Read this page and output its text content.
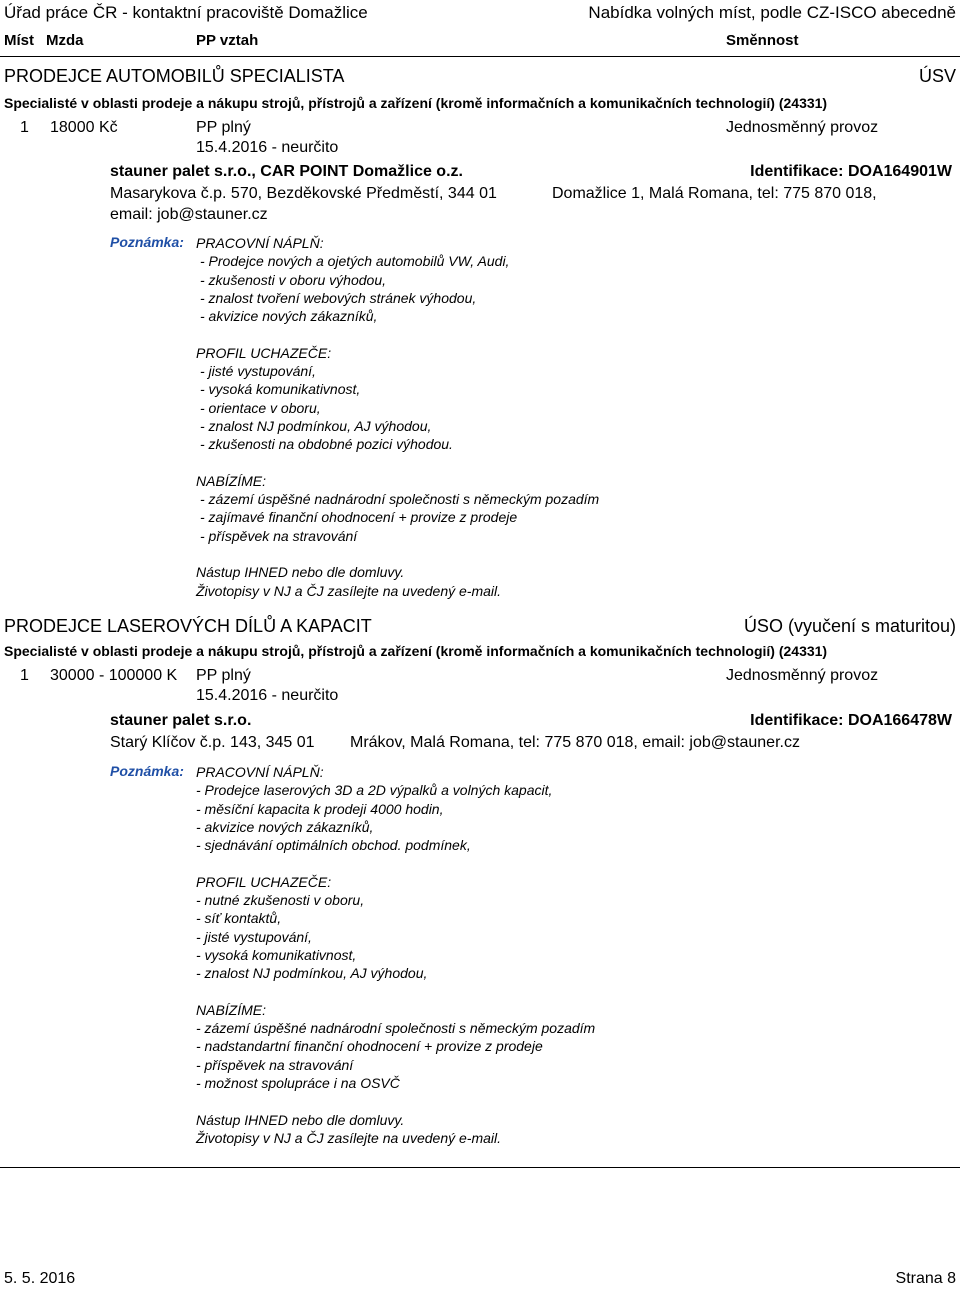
Úřad práce ČR - kontaktní pracoviště Domažlice	Nabídka volných míst, podle CZ-ISCO abecedně
Míst Mzda	PP vztah	Směnnost
PRODEJCE AUTOMOBILŮ SPECIALISTA	ÚSV
Specialisté v oblasti prodeje a nákupu strojů, přístrojů a zařízení (kromě informačních a komunikačních technologií) (24331)
1 18000 Kč	PP plný	Jednosměnný provoz
15.4.2016 - neurčito
stauner palet s.r.o., CAR POINT Domažlice o.z.	Identifikace: DOA164901W
Masarykova č.p. 570, Bezděkovské Předměstí, 344 01	Domažlice 1, Malá Romana, tel: 775 870 018,
email: job@stauner.cz
Poznámka: PRACOVNÍ NÁPLŇ:
- Prodejce nových a ojetých automobilů VW, Audi,
- zkušenosti v oboru výhodou,
- znalost tvoření webových stránek výhodou,
- akvizice nových zákazníků,
PROFIL UCHAZEČE:
- jisté vystupování,
- vysoká komunikativnost,
- orientace v oboru,
- znalost NJ podmínkou, AJ výhodou,
- zkušenosti na obdobné pozici výhodou.
NABÍZÍME:
- zázemí úspěšné nadnárodní společnosti s německým pozadím
- zajímavé finanční ohodnocení + provize z prodeje
- příspěvek na stravování
Nástup IHNED nebo dle domluvy.
Životopisy v NJ a ČJ zasílejte na uvedený e-mail.
PRODEJCE LASEROVÝCH DÍLŮ A KAPACIT	ÚSO (vyučení s maturitou)
Specialisté v oblasti prodeje a nákupu strojů, přístrojů a zařízení (kromě informačních a komunikačních technologií) (24331)
1 30000 - 100000 K	PP plný	Jednosměnný provoz
15.4.2016 - neurčito
stauner palet s.r.o.	Identifikace: DOA166478W
Starý Klíčov č.p. 143, 345 01 Mrákov, Malá Romana, tel: 775 870 018, email: job@stauner.cz
Poznámka: PRACOVNÍ NÁPLŇ:
- Prodejce laserových 3D a 2D výpalků a volných kapacit,
- měsíční kapacita k prodeji 4000 hodin,
- akvizice nových zákazníků,
- sjednávání optimálních obchod. podmínek,
PROFIL UCHAZEČE:
- nutné zkušenosti v oboru,
- síť kontaktů,
- jisté vystupování,
- vysoká komunikativnost,
- znalost NJ podmínkou, AJ výhodou,
NABÍZÍME:
- zázemí úspěšné nadnárodní společnosti s německým pozadím
- nadstandartní finanční ohodnocení + provize z prodeje
- příspěvek na stravování
- možnost spolupráce i na OSVČ
Nástup IHNED nebo dle domluvy.
Životopisy v NJ a ČJ zasílejte na uvedený e-mail.
5. 5. 2016	Strana 8
